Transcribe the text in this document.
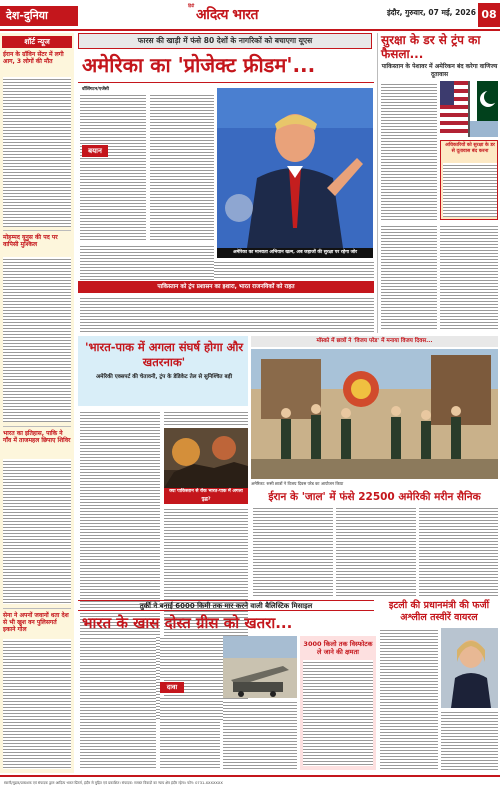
देश-दुनिया
हिंदी
अदित्य भारत	इंदौर, गुरुवार, 07 मई, 2026 08
शॉर्ट न्यूज
ईरान के ग्रॉविन सेंटर में लगी आग, 3 लोगों की मौत
मोहम्मद यूनुस की पद पर वापिसी मुश्किल
भारत का इतिहास, पाकि ने गाँव में ताजमहल छिपाए शिविर
सेना ने अपनों जवानों धता देश से भी खुश वन पुलिसगर्त इकाने गोल
फारस की खाड़ी में फंसे 80 देशों के नागरिकों को बचाएगा यूएस
अमेरिका का 'प्रोजेक्ट फ्रीडम'...
वॉशिंगटन/एजेंसी
बयान
अमेरिका का मानवता अभियान खत्म, अब जहाजों की सुरक्षा पर रहेगा जोर
सुरक्षा के डर से ट्रंप का फैसला...
पाकिस्तान के पेशावर में अमेरिकन बंद करेगा वाणिज्य दूतावास
अधिकारियों को सुरक्षा के डर से दूतावास बंद करना
पाकिस्तान को ट्रंप प्रशासन का इशारा, भारत राजनयिकों को राहत
'भारत-पाक में अगला संघर्ष होगा और खतरनाक'
अमेरिकी एक्सपर्ट की चेतावनी, ट्रंप के डेडिकेट तेल से सुनिश्चित बड़ी
क्या पाकिस्तान से रोक भारत-पाक में अगला युद्ध?
मॉस्को में छात्रों ने 'विजय परेड' में मनाया विजय दिवस...
अमेरिका: रूसी छात्रों ने विजय दिवस परेड का आयोजन किया
ईरान के 'जाल' में फंसे 22500 अमेरिकी मरीन सैनिक
तुर्की ने बनाई 6000 किमी तक मार करने वाली बैलिस्टिक मिसाइल
भारत के खास दोस्त ग्रीस को खतरा...
दावा
3000 किलो तक विस्फोटक ले जाने की क्षमता
इटली की प्रधानमंत्री की फर्जी अश्लील तस्वीरें वायरल
स्वामी/मुद्रक/प्रकाशक एवं संपादक द्वारा आदित्य भारत प्रिंटर्स, इंदौर से मुद्रित एवं प्रकाशित। संपादक: समस्त विवादों का न्याय क्षेत्र इंदौर रहेगा। फोन: 0731-XXXXXXX
